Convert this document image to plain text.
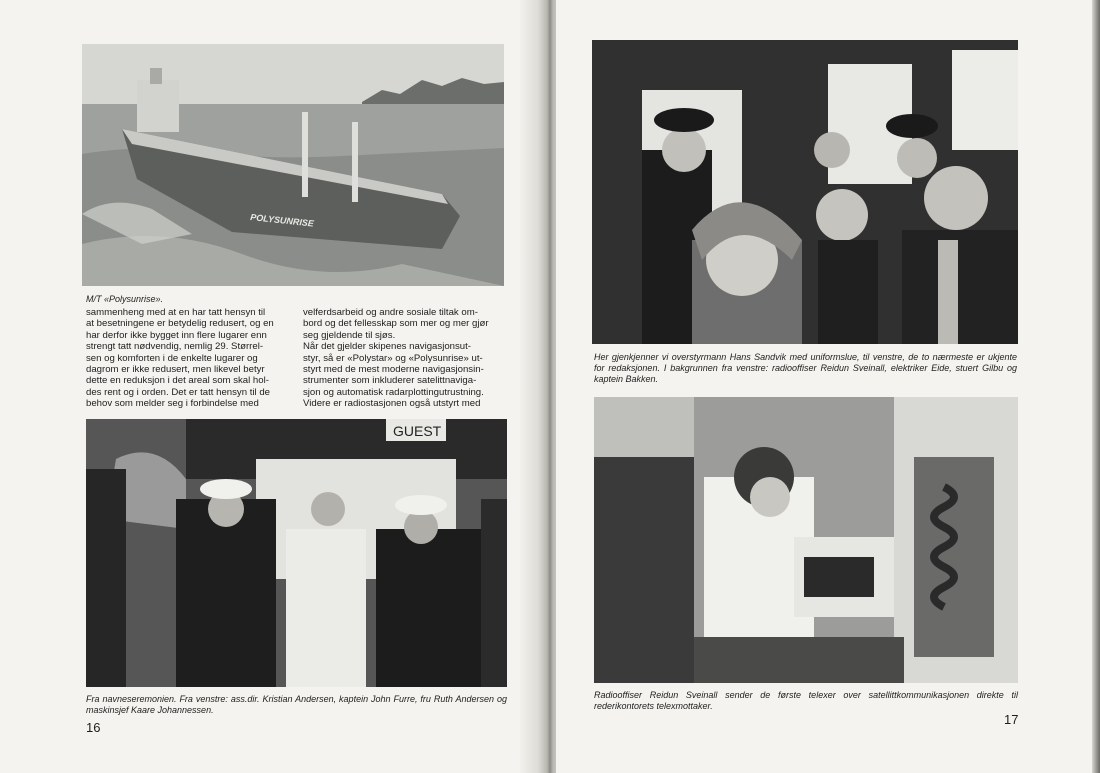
POLYSUNRISE
M/T «Polysunrise».
sammenheng med at en har tatt hensyn til
at besetningene er betydelig redusert, og en
har derfor ikke bygget inn flere lugarer enn
strengt tatt nødvendig, nemlig 29. Størrel-
sen og komforten i de enkelte lugarer og
dagrom er ikke redusert, men likevel betyr
dette en reduksjon i det areal som skal hol-
des rent og i orden. Det er tatt hensyn til de
behov som melder seg i forbindelse med
velferdsarbeid og andre sosiale tiltak om-
bord og det fellesskap som mer og mer gjør
seg gjeldende til sjøs.
Når det gjelder skipenes navigasjonsut-
styr, så er «Polystar» og «Polysunrise» ut-
styrt med de mest moderne navigasjonsin-
strumenter som inkluderer satelittnaviga-
sjon og automatisk radarplottingutrustning.
Videre er radiostasjonen også utstyrt med
GUEST
Fra navneseremonien. Fra venstre: ass.dir. Kristian Andersen, kaptein John Furre, fru Ruth Andersen og maskinsjef Kaare Johannessen.
16
Her gjenkjenner vi overstyrmann Hans Sandvik med uniformslue, til venstre, de to nærmeste er ukjente for redaksjonen. I bakgrunnen fra venstre: radiooffiser Reidun Sveinall, elektriker Eide, stuert Gilbu og kaptein Bakken.
Radiooffiser Reidun Sveinall sender de første telexer over satellittkommunikasjonen direkte til rederikontorets telexmottaker.
17
